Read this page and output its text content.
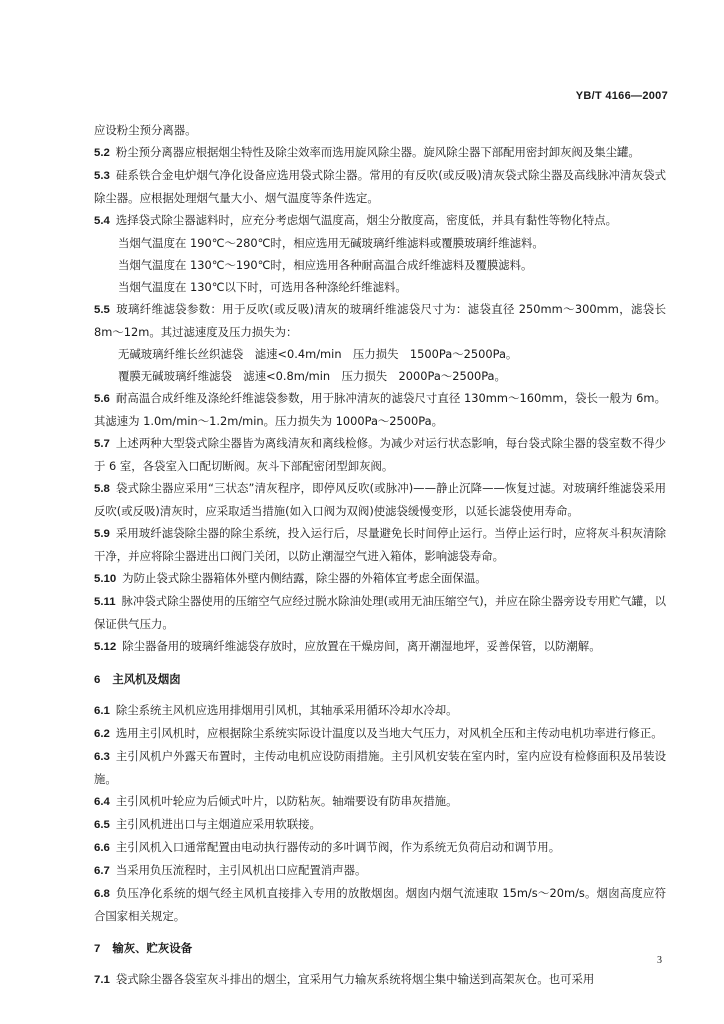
YB/T 4166—2007

应设粉尘预分离器。

5.2 粉尘预分离器应根据烟尘特性及除尘效率而选用旋风除尘器。旋风除尘器下部配用密封卸灰阀及集尘罐。

5.3 硅系铁合金电炉烟气净化设备应选用袋式除尘器。常用的有反吹(或反吸)清灰袋式除尘器及高线脉冲清灰袋式除尘器。应根据处理烟气量大小、烟气温度等条件选定。

5.4 选择袋式除尘器滤料时，应充分考虑烟气温度高，烟尘分散度高，密度低，并具有黏性等物化特点。

当烟气温度在 190℃～280℃时，相应选用无碱玻璃纤维滤料或覆膜玻璃纤维滤料。

当烟气温度在 130℃～190℃时，相应选用各种耐高温合成纤维滤料及覆膜滤料。

当烟气温度在 130℃以下时，可选用各种涤纶纤维滤料。

5.5 玻璃纤维滤袋参数：用于反吹(或反吸)清灰的玻璃纤维滤袋尺寸为：滤袋直径 250mm～300mm，滤袋长 8m～12m。其过滤速度及压力损失为：

无碱玻璃纤维长丝织滤袋　滤速<0.4m/min　压力损失　1500Pa～2500Pa。

覆膜无碱玻璃纤维滤袋　滤速<0.8m/min　压力损失　2000Pa～2500Pa。

5.6 耐高温合成纤维及涤纶纤维滤袋参数，用于脉冲清灰的滤袋尺寸直径 130mm～160mm，袋长一般为 6m。其滤速为 1.0m/min～1.2m/min。压力损失为 1000Pa～2500Pa。

5.7 上述两种大型袋式除尘器皆为离线清灰和离线检修。为减少对运行状态影响，每台袋式除尘器的袋室数不得少于 6 室，各袋室入口配切断阀。灰斗下部配密闭型卸灰阀。

5.8 袋式除尘器应采用“三状态”清灰程序，即停风反吹(或脉冲)——静止沉降——恢复过滤。对玻璃纤维滤袋采用反吹(或反吸)清灰时，应采取适当措施(如入口阀为双阀)使滤袋缓慢变形，以延长滤袋使用寿命。

5.9 采用玻纤滤袋除尘器的除尘系统，投入运行后，尽量避免长时间停止运行。当停止运行时，应将灰斗积灰清除干净，并应将除尘器进出口阀门关闭，以防止潮湿空气进入箱体，影响滤袋寿命。

5.10 为防止袋式除尘器箱体外壁内侧结露，除尘器的外箱体宜考虑全面保温。

5.11 脉冲袋式除尘器使用的压缩空气应经过脱水除油处理(或用无油压缩空气)，并应在除尘器旁设专用贮气罐，以保证供气压力。

5.12 除尘器备用的玻璃纤维滤袋存放时，应放置在干燥房间，离开潮湿地坪，妥善保管，以防潮解。

6 主风机及烟囱

6.1 除尘系统主风机应选用排烟用引风机，其轴承采用循环冷却水冷却。

6.2 选用主引风机时，应根据除尘系统实际设计温度以及当地大气压力，对风机全压和主传动电机功率进行修正。

6.3 主引风机户外露天布置时，主传动电机应设防雨措施。主引风机安装在室内时，室内应设有检修面积及吊装设施。

6.4 主引风机叶轮应为后倾式叶片，以防粘灰。轴端要设有防串灰措施。

6.5 主引风机进出口与主烟道应采用软联接。

6.6 主引风机入口通常配置由电动执行器传动的多叶调节阀，作为系统无负荷启动和调节用。

6.7 当采用负压流程时，主引风机出口应配置消声器。

6.8 负压净化系统的烟气经主风机直接排入专用的放散烟囱。烟囱内烟气流速取 15m/s～20m/s。烟囱高度应符合国家相关规定。

7 输灰、贮灰设备

7.1 袋式除尘器各袋室灰斗排出的烟尘，宜采用气力输灰系统将烟尘集中输送到高架灰仓。也可采用

3
